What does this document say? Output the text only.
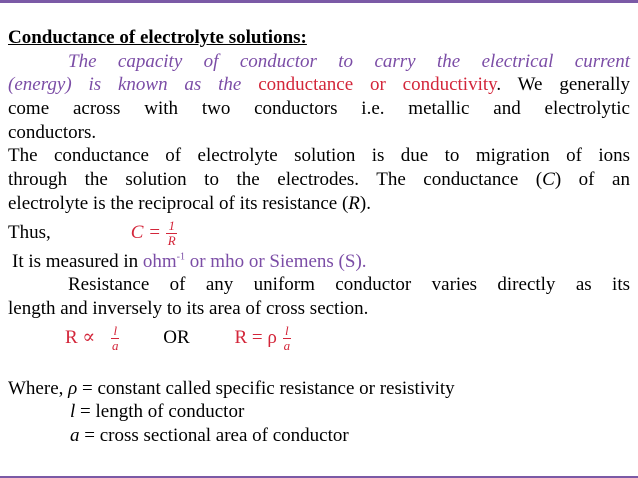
Conductance of electrolyte solutions:
The capacity of conductor to carry the electrical current
(energy) is known as the conductance or conductivity. We generally
come across with two conductors i.e. metallic and electrolytic
conductors.
The conductance of electrolyte solution is due to migration of ions
through the solution to the electrodes. The conductance (C) of an
electrolyte is the reciprocal of its resistance (R).
Thus,	$C = \frac{1}{R}$
It is measured in ohm$^{-1}$ or mho or Siemens (S).
Resistance of any uniform conductor varies directly as its
length and inversely to its area of cross section.
$R \propto \frac{l}{a}$ OR R = ρ $\frac{l}{a}$
Where, ρ = constant called specific resistance or resistivity
l = length of conductor
a = cross sectional area of conductor
